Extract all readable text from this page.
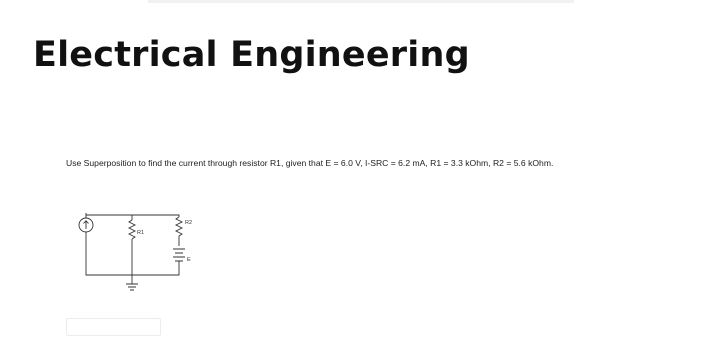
Electrical Engineering

Use Superposition to find the current through resistor R1, given that E = 6.0 V, I-SRC = 6.2 mA, R1 = 3.3 kOhm, R2 = 5.6 kOhm.

R1
R2
E
